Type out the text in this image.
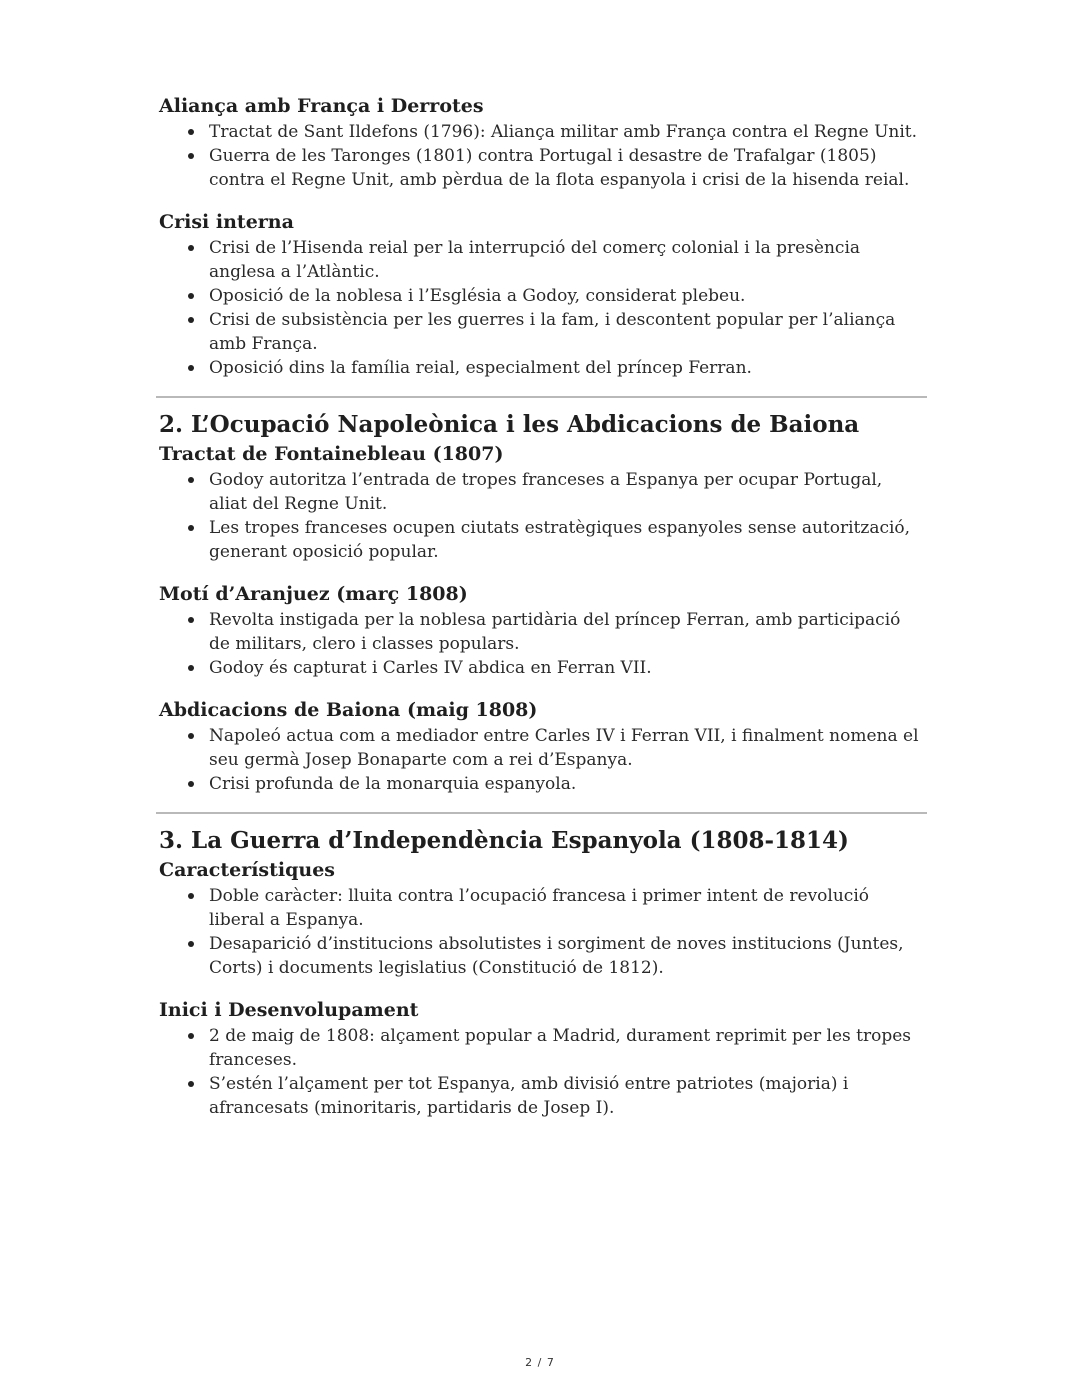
Aliança amb França i Derrotes
Tractat de Sant Ildefons (1796): Aliança militar amb França contra el Regne Unit.
Guerra de les Taronges (1801) contra Portugal i desastre de Trafalgar (1805) contra el Regne Unit, amb pèrdua de la flota espanyola i crisi de la hisenda reial.
Crisi interna
Crisi de l’Hisenda reial per la interrupció del comerç colonial i la presència anglesa a l’Atlàntic.
Oposició de la noblesa i l’Església a Godoy, considerat plebeu.
Crisi de subsistència per les guerres i la fam, i descontent popular per l’aliança amb França.
Oposició dins la família reial, especialment del príncep Ferran.
2. L’Ocupació Napoleònica i les Abdicacions de Baiona
Tractat de Fontainebleau (1807)
Godoy autoritza l’entrada de tropes franceses a Espanya per ocupar Portugal, aliat del Regne Unit.
Les tropes franceses ocupen ciutats estratègiques espanyoles sense autorització, generant oposició popular.
Motí d’Aranjuez (març 1808)
Revolta instigada per la noblesa partidària del príncep Ferran, amb participació de militars, clero i classes populars.
Godoy és capturat i Carles IV abdica en Ferran VII.
Abdicacions de Baiona (maig 1808)
Napoleó actua com a mediador entre Carles IV i Ferran VII, i finalment nomena el seu germà Josep Bonaparte com a rei d’Espanya.
Crisi profunda de la monarquia espanyola.
3. La Guerra d’Independència Espanyola (1808-1814)
Característiques
Doble caràcter: lluita contra l’ocupació francesa i primer intent de revolució liberal a Espanya.
Desaparició d’institucions absolutistes i sorgiment de noves institucions (Juntes, Corts) i documents legislatius (Constitució de 1812).
Inici i Desenvolupament
2 de maig de 1808: alçament popular a Madrid, durament reprimit per les tropes franceses.
S’estén l’alçament per tot Espanya, amb divisió entre patriotes (majoria) i afrancesats (minoritaris, partidaris de Josep I).
2 / 7
